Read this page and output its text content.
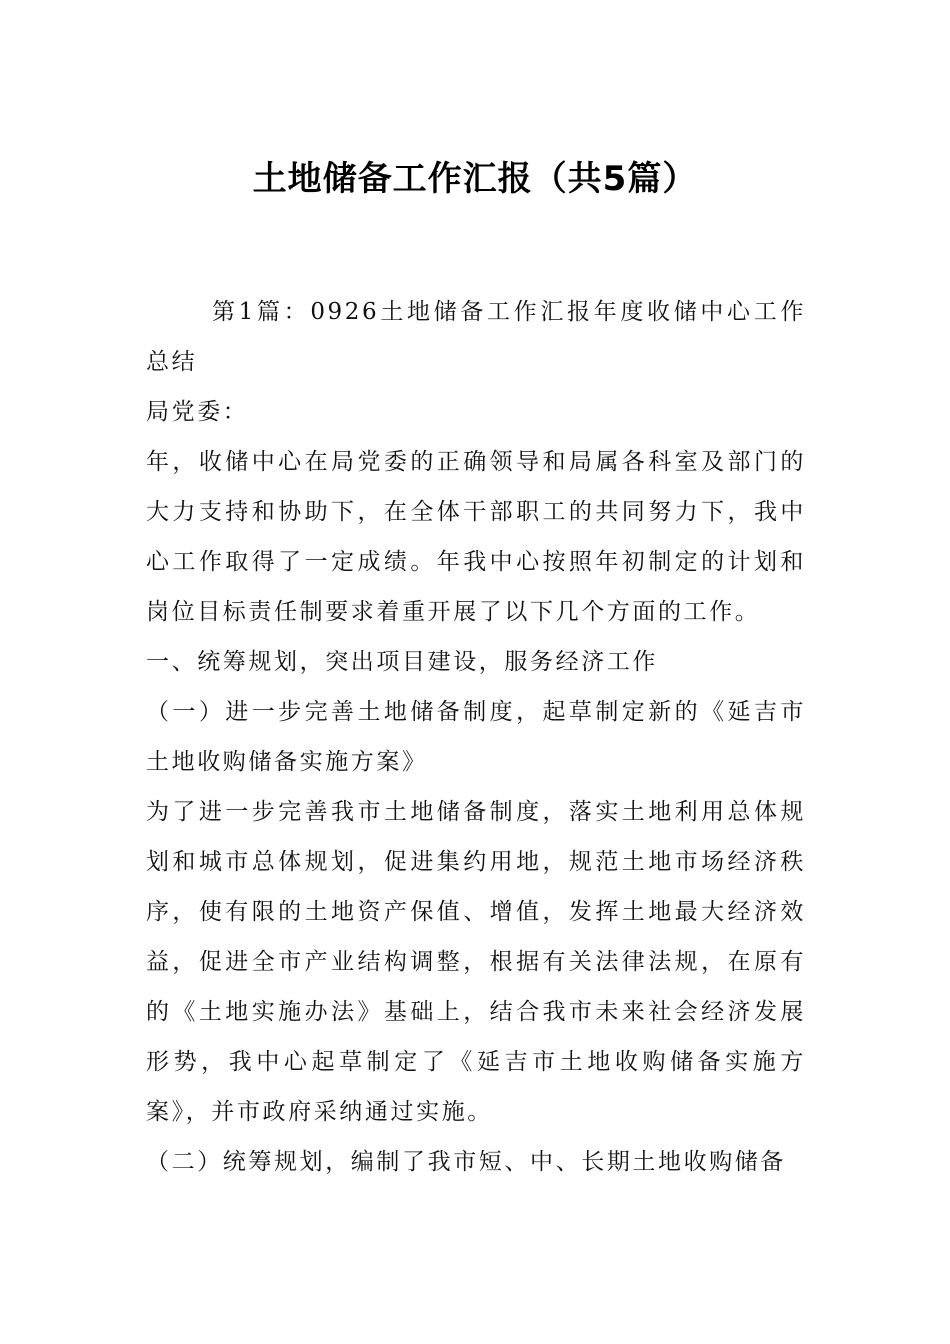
土地储备工作汇报（共5篇）

第1篇：0926土地储备工作汇报年度收储中心工作总结

局党委：

年，收储中心在局党委的正确领导和局属各科室及部门的大力支持和协助下，在全体干部职工的共同努力下，我中心工作取得了一定成绩。年我中心按照年初制定的计划和岗位目标责任制要求着重开展了以下几个方面的工作。

一、统筹规划，突出项目建设，服务经济工作

（一）进一步完善土地储备制度，起草制定新的《延吉市土地收购储备实施方案》

为了进一步完善我市土地储备制度，落实土地利用总体规划和城市总体规划，促进集约用地，规范土地市场经济秩序，使有限的土地资产保值、增值，发挥土地最大经济效益，促进全市产业结构调整，根据有关法律法规，在原有的《土地实施办法》基础上，结合我市未来社会经济发展形势，我中心起草制定了《延吉市土地收购储备实施方案》，并市政府采纳通过实施。

（二）统筹规划，编制了我市短、中、长期土地收购储备
